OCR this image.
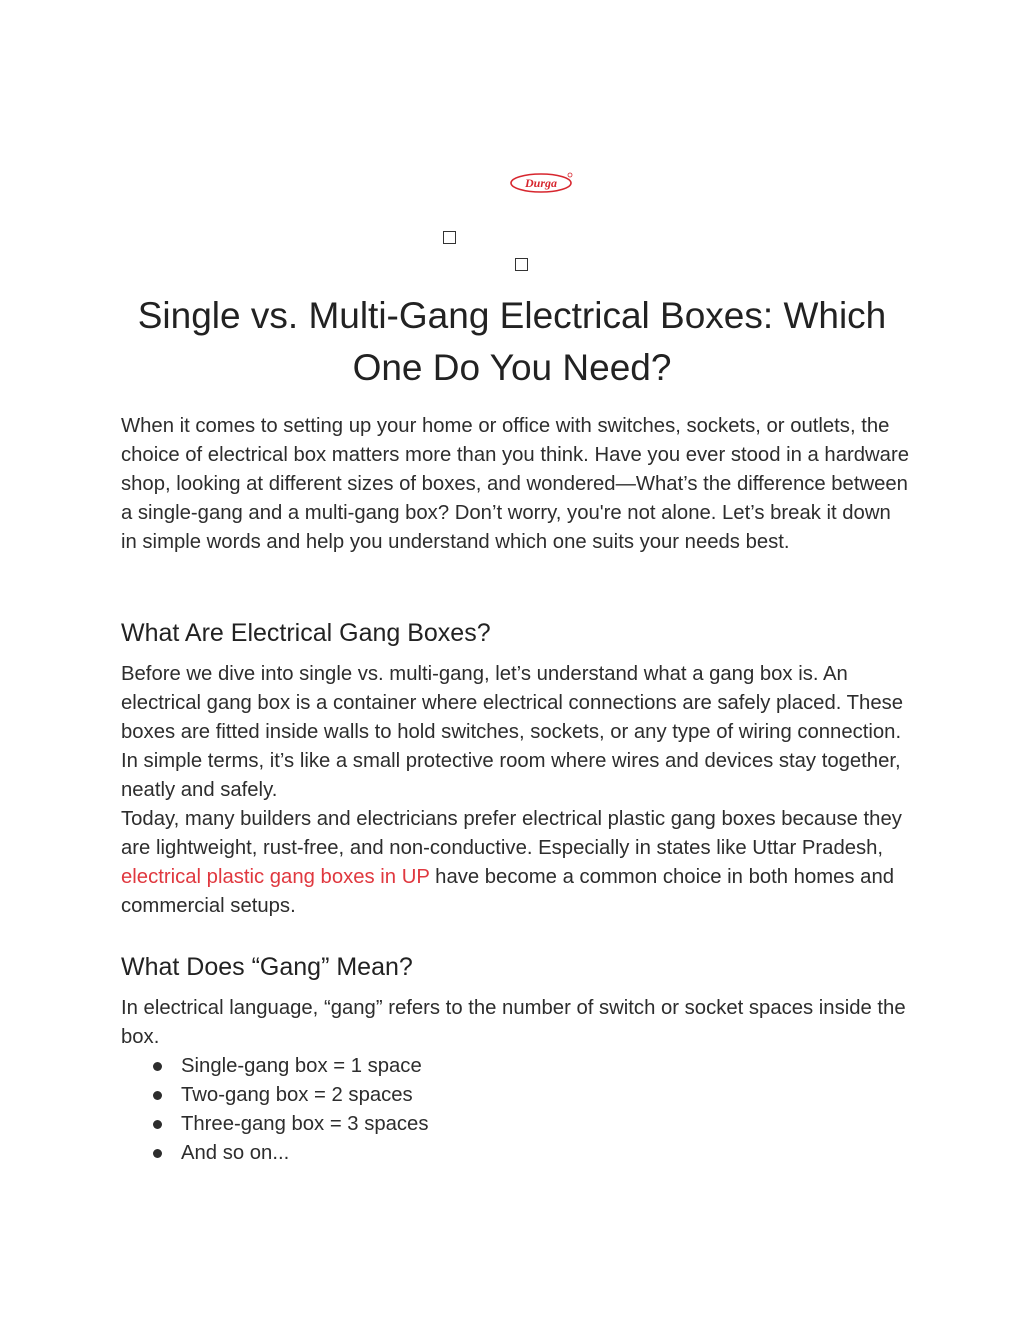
Durga
Single vs. Multi-Gang Electrical Boxes: Which One Do You Need?

When it comes to setting up your home or office with switches, sockets, or outlets, the choice of electrical box matters more than you think. Have you ever stood in a hardware shop, looking at different sizes of boxes, and wondered—What’s the difference between a single-gang and a multi-gang box? Don’t worry, you're not alone. Let’s break it down in simple words and help you understand which one suits your needs best.

What Are Electrical Gang Boxes?
Before we dive into single vs. multi-gang, let’s understand what a gang box is. An electrical gang box is a container where electrical connections are safely placed. These boxes are fitted inside walls to hold switches, sockets, or any type of wiring connection. In simple terms, it’s like a small protective room where wires and devices stay together, neatly and safely.
Today, many builders and electricians prefer electrical plastic gang boxes because they are lightweight, rust-free, and non-conductive. Especially in states like Uttar Pradesh, electrical plastic gang boxes in UP have become a common choice in both homes and commercial setups.
What Does “Gang” Mean?

In electrical language, “gang” refers to the number of switch or socket spaces inside the box.

Single-gang box = 1 space
Two-gang box = 2 spaces
Three-gang box = 3 spaces
And so on...
